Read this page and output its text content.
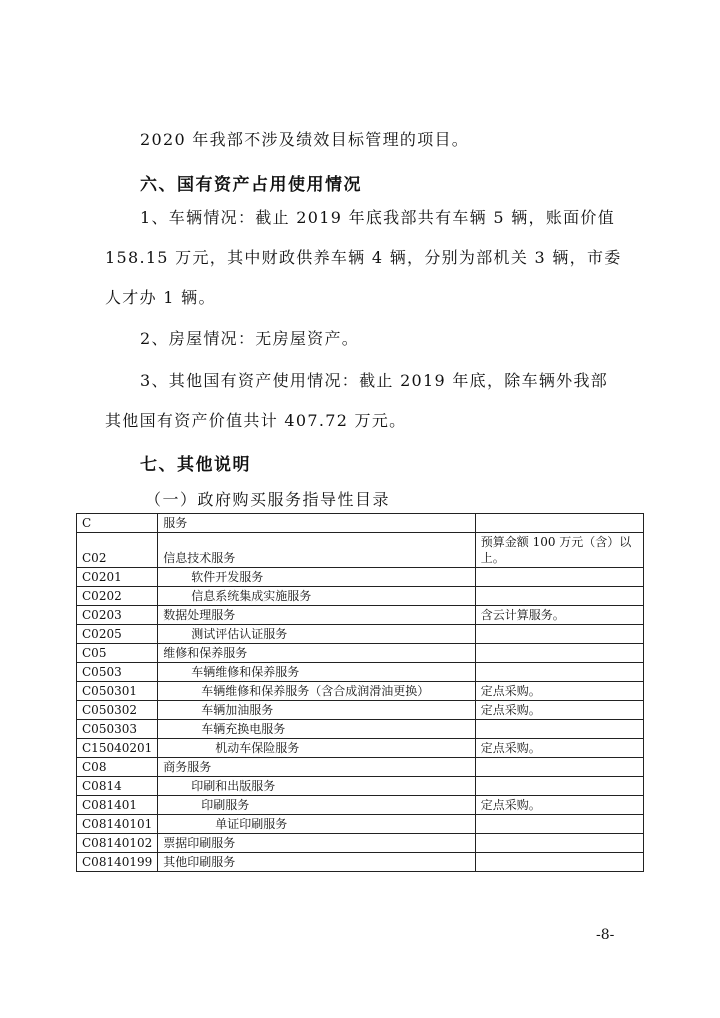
2020 年我部不涉及绩效目标管理的项目。
六、国有资产占用使用情况
1、车辆情况：截止 2019 年底我部共有车辆 5 辆，账面价值
158.15 万元，其中财政供养车辆 4 辆，分别为部机关 3 辆，市委
人才办 1 辆。
2、房屋情况：无房屋资产。
3、其他国有资产使用情况：截止 2019 年底，除车辆外我部
其他国有资产价值共计 407.72 万元。
七、其他说明
（一）政府购买服务指导性目录
C	服务	
C02	信息技术服务	预算金额 100 万元（含）以上。
C0201	软件开发服务	
C0202	信息系统集成实施服务	
C0203	数据处理服务	含云计算服务。
C0205	测试评估认证服务	
C05	维修和保养服务	
C0503	车辆维修和保养服务	
C050301	车辆维修和保养服务（含合成润滑油更换）	定点采购。
C050302	车辆加油服务	定点采购。
C050303	车辆充换电服务	
C15040201	机动车保险服务	定点采购。
C08	商务服务	
C0814	印刷和出版服务	
C081401	印刷服务	定点采购。
C08140101	单证印刷服务	
C08140102	票据印刷服务	
C08140199	其他印刷服务	
-8-
